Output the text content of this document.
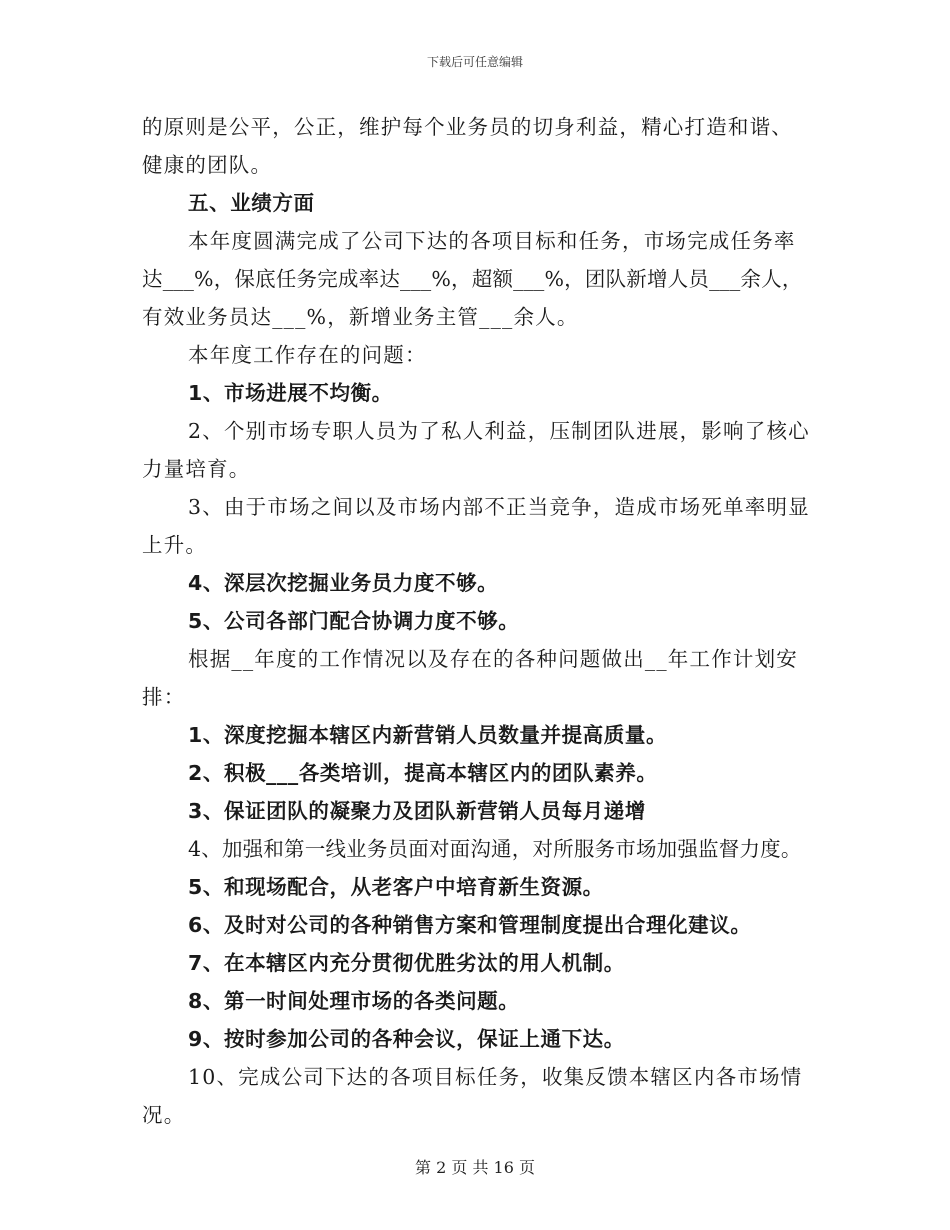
下载后可任意编辑
的原则是公平，公正，维护每个业务员的切身利益，精心打造和谐、
健康的团队。
五、业绩方面
本年度圆满完成了公司下达的各项目标和任务，市场完成任务率
达___%，保底任务完成率达___%，超额___%，团队新增人员___余人，
有效业务员达___%，新增业务主管___余人。
本年度工作存在的问题：
1、市场进展不均衡。
2、个别市场专职人员为了私人利益，压制团队进展，影响了核心
力量培育。
3、由于市场之间以及市场内部不正当竞争，造成市场死单率明显
上升。
4、深层次挖掘业务员力度不够。
5、公司各部门配合协调力度不够。
根据__年度的工作情况以及存在的各种问题做出__年工作计划安
排：
1、深度挖掘本辖区内新营销人员数量并提高质量。
2、积极___各类培训，提高本辖区内的团队素养。
3、保证团队的凝聚力及团队新营销人员每月递增
4、加强和第一线业务员面对面沟通，对所服务市场加强监督力度。
5、和现场配合，从老客户中培育新生资源。
6、及时对公司的各种销售方案和管理制度提出合理化建议。
7、在本辖区内充分贯彻优胜劣汰的用人机制。
8、第一时间处理市场的各类问题。
9、按时参加公司的各种会议，保证上通下达。
10、完成公司下达的各项目标任务，收集反馈本辖区内各市场情
况。
第 2 页 共 16 页
